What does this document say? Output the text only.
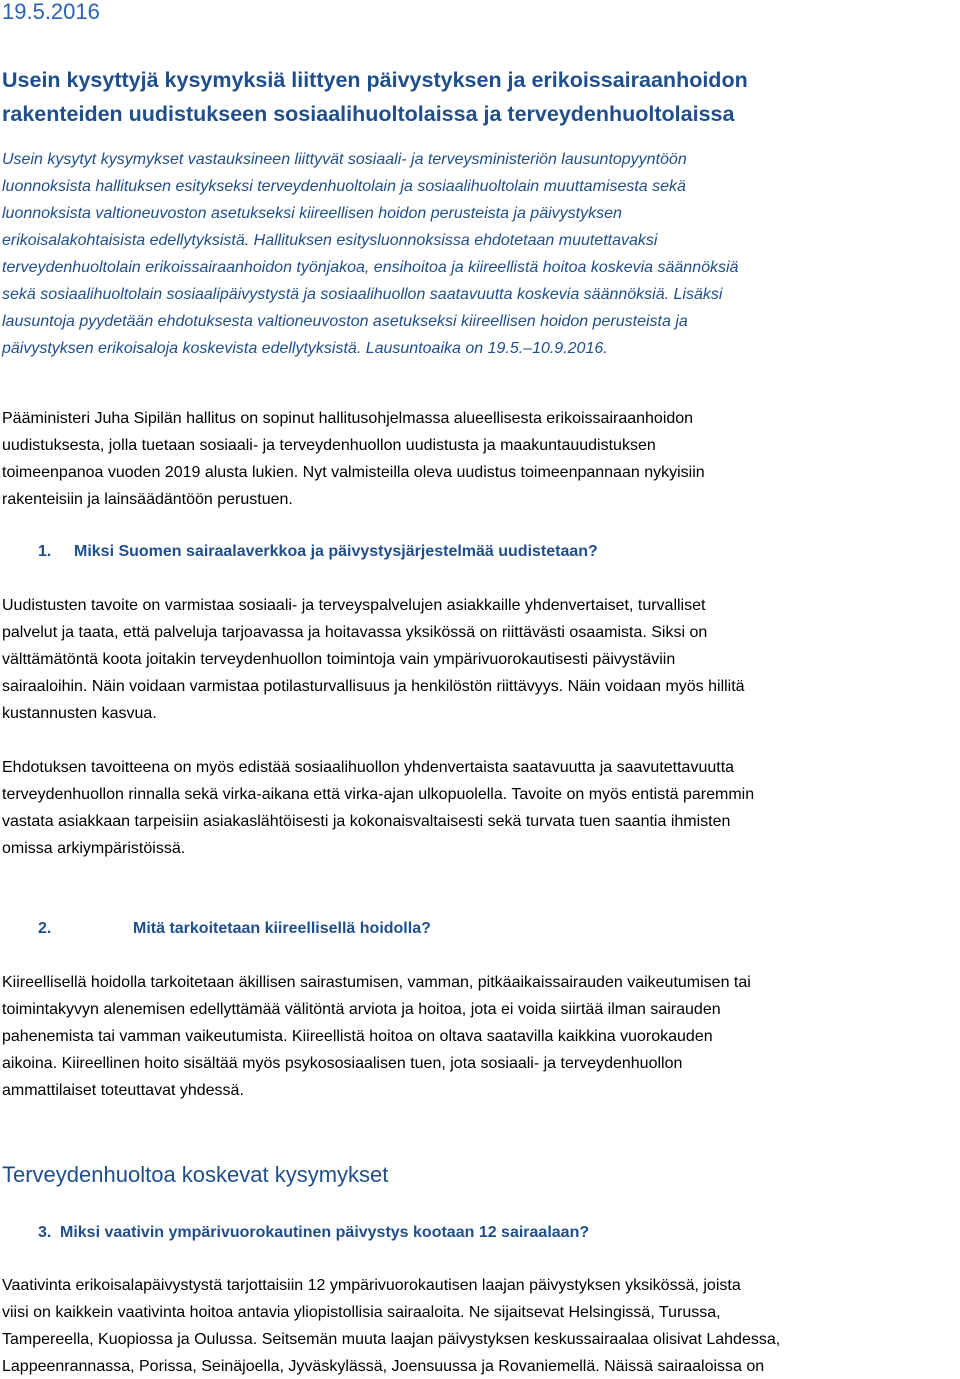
19.5.2016
Usein kysyttyjä kysymyksiä liittyen päivystyksen ja erikoissairaanhoidon
rakenteiden uudistukseen sosiaalihuoltolaissa ja terveydenhuoltolaissa
Usein kysytyt kysymykset vastauksineen liittyvät sosiaali- ja terveysministeriön lausuntopyyntöön
luonnoksista hallituksen esitykseksi terveydenhuoltolain ja sosiaalihuoltolain muuttamisesta sekä
luonnoksista valtioneuvoston asetukseksi kiireellisen hoidon perusteista ja päivystyksen
erikoisalakohtaisista edellytyksistä. Hallituksen esitysluonnoksissa ehdotetaan muutettavaksi
terveydenhuoltolain erikoissairaanhoidon työnjakoa, ensihoitoa ja kiireellistä hoitoa koskevia säännöksiä
sekä sosiaalihuoltolain sosiaalipäivystystä ja sosiaalihuollon saatavuutta koskevia säännöksiä. Lisäksi
lausuntoja pyydetään ehdotuksesta valtioneuvoston asetukseksi kiireellisen hoidon perusteista ja
päivystyksen erikoisaloja koskevista edellytyksistä. Lausuntoaika on 19.5.–10.9.2016.
Pääministeri Juha Sipilän hallitus on sopinut hallitusohjelmassa alueellisesta erikoissairaanhoidon
uudistuksesta, jolla tuetaan sosiaali- ja terveydenhuollon uudistusta ja maakuntauudistuksen
toimeenpanoa vuoden 2019 alusta lukien. Nyt valmisteilla oleva uudistus toimeenpannaan nykyisiin
rakenteisiin ja lainsäädäntöön perustuen.
1. Miksi Suomen sairaalaverkkoa ja päivystysjärjestelmää uudistetaan?
Uudistusten tavoite on varmistaa sosiaali- ja terveyspalvelujen asiakkaille yhdenvertaiset, turvalliset
palvelut ja taata, että palveluja tarjoavassa ja hoitavassa yksikössä on riittävästi osaamista. Siksi on
välttämätöntä koota joitakin terveydenhuollon toimintoja vain ympärivuorokautisesti päivystäviin
sairaaloihin. Näin voidaan varmistaa potilasturvallisuus ja henkilöstön riittävyys. Näin voidaan myös hillitä
kustannusten kasvua.
Ehdotuksen tavoitteena on myös edistää sosiaalihuollon yhdenvertaista saatavuutta ja saavutettavuutta
terveydenhuollon rinnalla sekä virka-aikana että virka-ajan ulkopuolella. Tavoite on myös entistä paremmin
vastata asiakkaan tarpeisiin asiakaslähtöisesti ja kokonaisvaltaisesti sekä turvata tuen saantia ihmisten
omissa arkiympäristöissä.
2.	Mitä tarkoitetaan kiireellisellä hoidolla?
Kiireellisellä hoidolla tarkoitetaan äkillisen sairastumisen, vamman, pitkäaikaissairauden vaikeutumisen tai
toimintakyvyn alenemisen edellyttämää välitöntä arviota ja hoitoa, jota ei voida siirtää ilman sairauden
pahenemista tai vamman vaikeutumista. Kiireellistä hoitoa on oltava saatavilla kaikkina vuorokauden
aikoina. Kiireellinen hoito sisältää myös psykososiaalisen tuen, jota sosiaali- ja terveydenhuollon
ammattilaiset toteuttavat yhdessä.
Terveydenhuoltoa koskevat kysymykset
3. Miksi vaativin ympärivuorokautinen päivystys kootaan 12 sairaalaan?
Vaativinta erikoisalapäivystystä tarjottaisiin 12 ympärivuorokautisen laajan päivystyksen yksikössä, joista
viisi on kaikkein vaativinta hoitoa antavia yliopistollisia sairaaloita. Ne sijaitsevat Helsingissä, Turussa,
Tampereella, Kuopiossa ja Oulussa. Seitsemän muuta laajan päivystyksen keskussairaalaa olisivat Lahdessa,
Lappeenrannassa, Porissa, Seinäjoella, Jyväskylässä, Joensuussa ja Rovaniemellä. Näissä sairaaloissa on
